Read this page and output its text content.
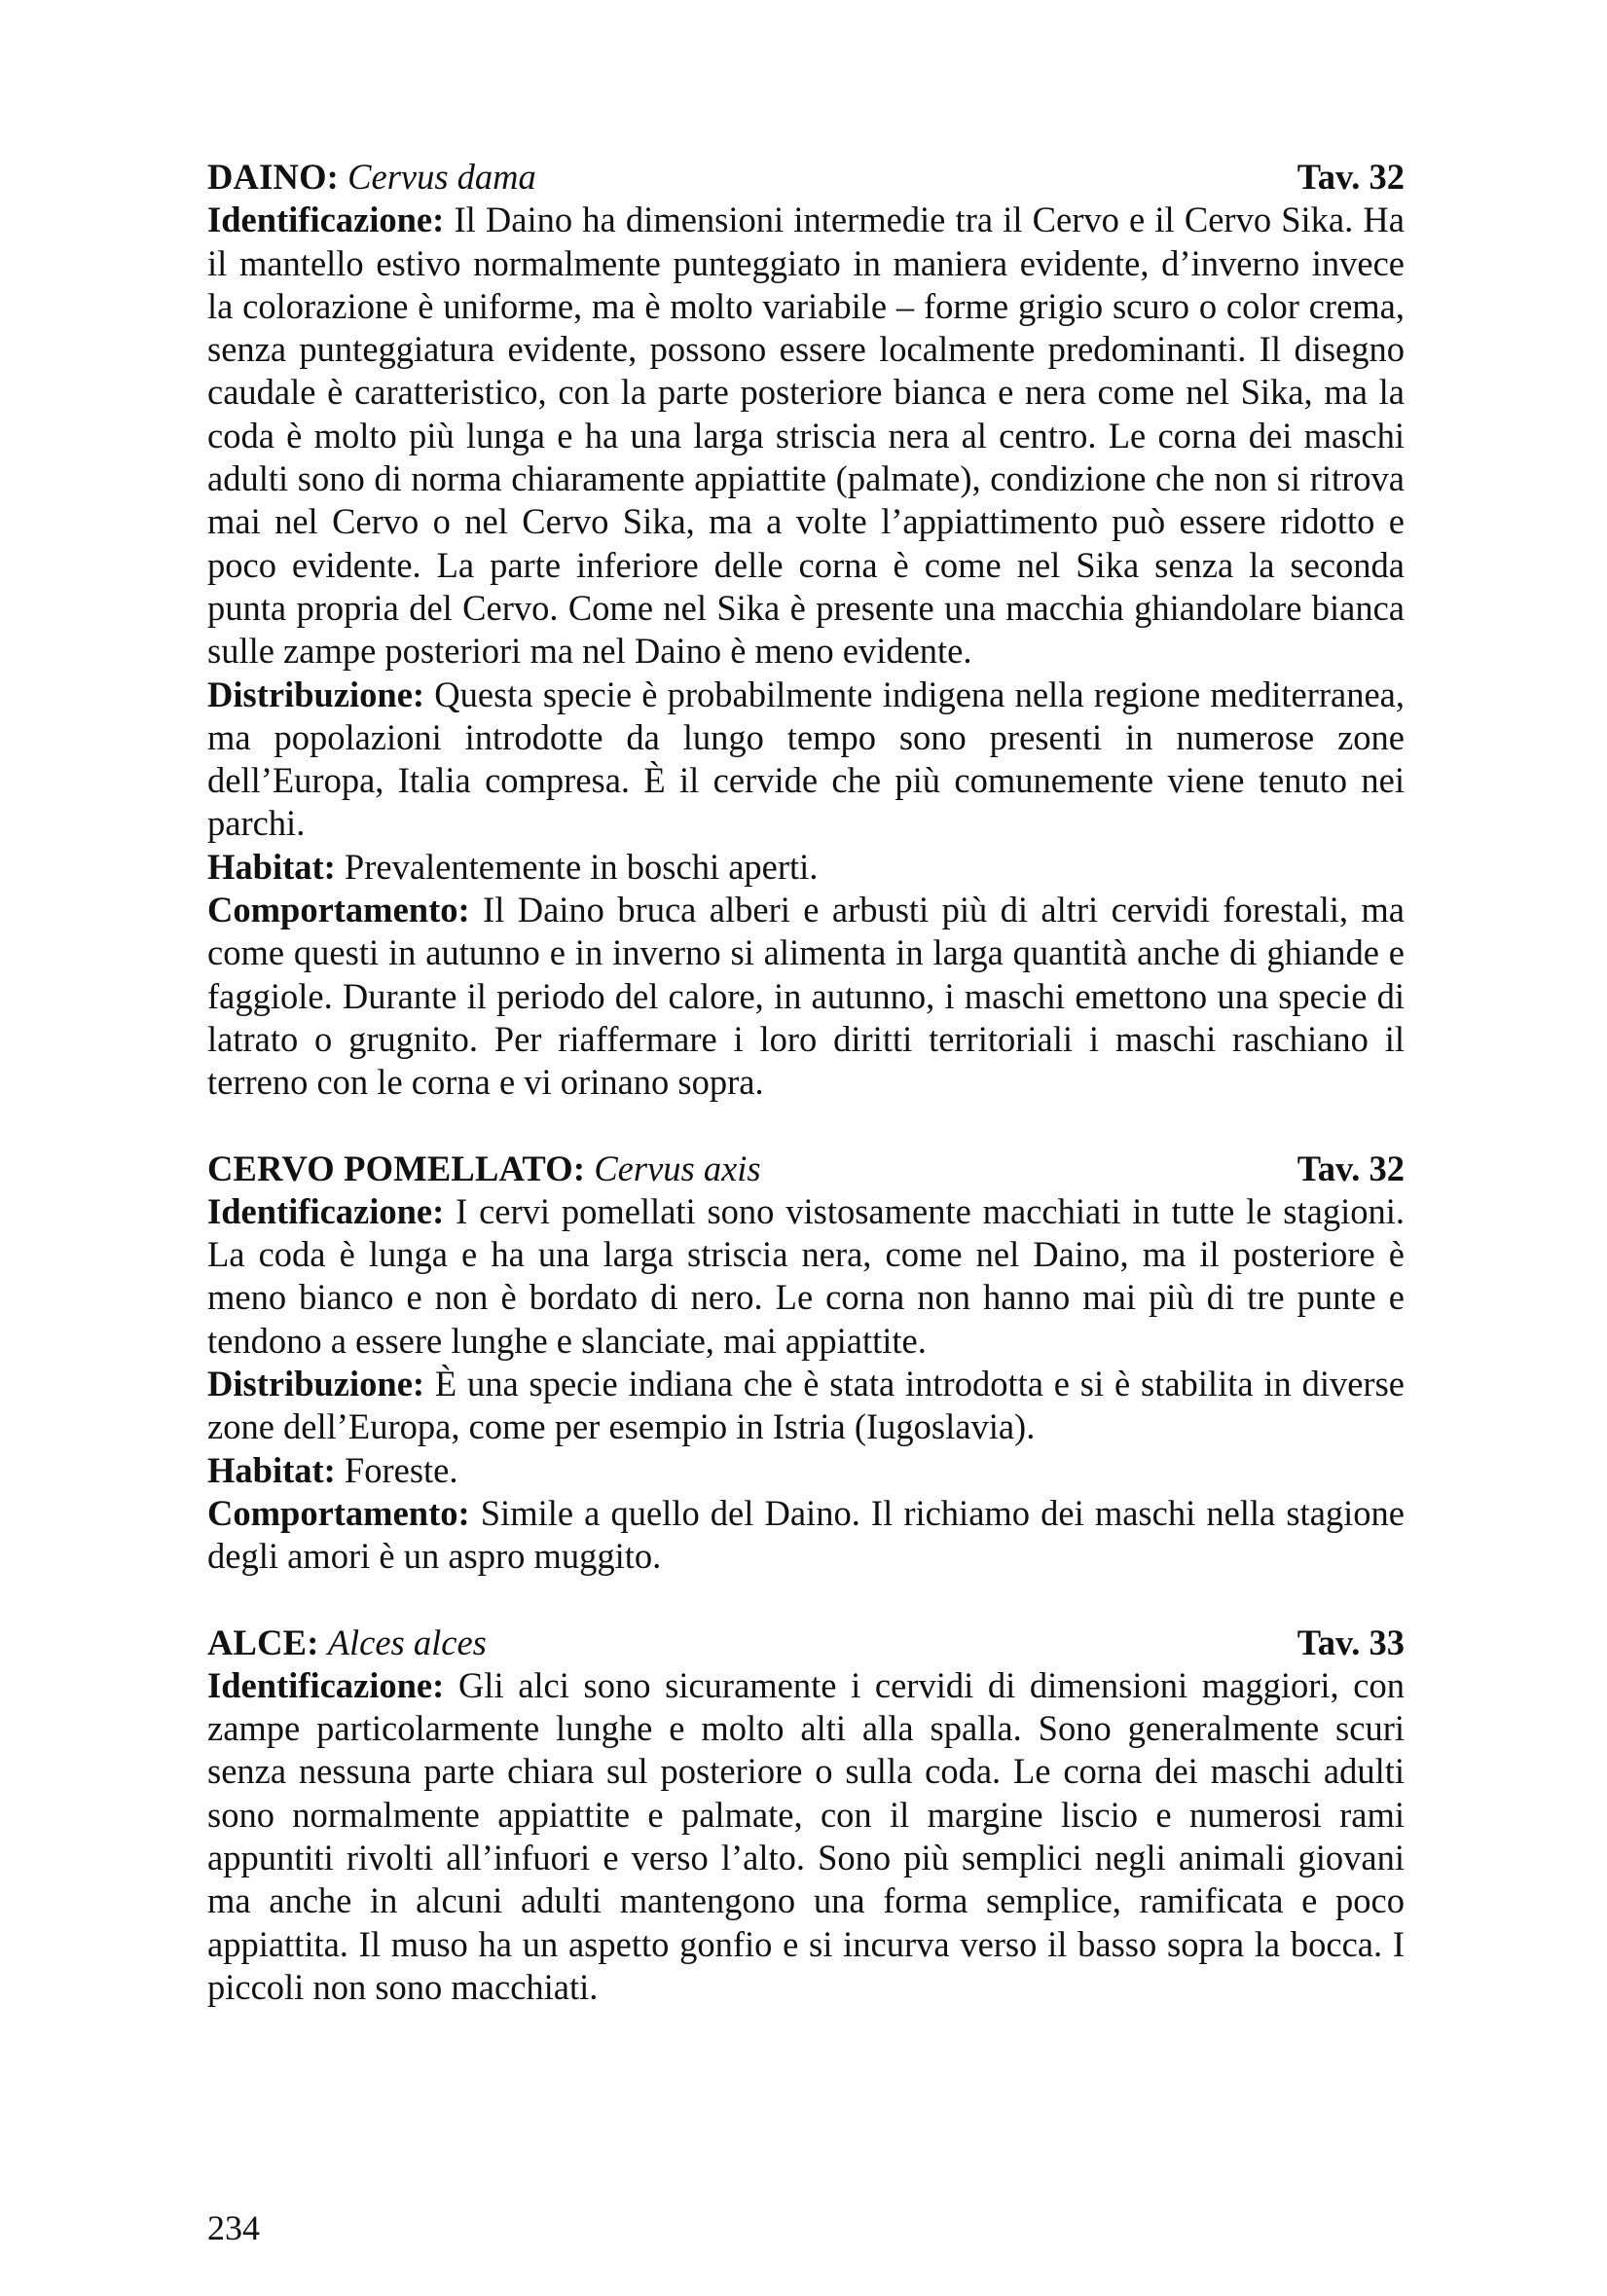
DAINO: Cervus dama	Tav. 32

Identificazione: Il Daino ha dimensioni intermedie tra il Cervo e il Cervo Sika. Ha il mantello estivo normalmente punteggiato in maniera evidente, d’inverno invece la colorazione è uniforme, ma è molto variabile – forme grigio scuro o color crema, senza punteggiatura evidente, possono essere localmente predominanti. Il disegno caudale è caratteristico, con la parte posteriore bianca e nera come nel Sika, ma la coda è molto più lunga e ha una larga striscia nera al centro. Le corna dei maschi adulti sono di norma chiaramente appiattite (palmate), condizione che non si ritrova mai nel Cervo o nel Cervo Sika, ma a volte l’appiattimento può essere ridotto e poco evidente. La parte inferiore delle corna è come nel Sika senza la seconda punta propria del Cervo. Come nel Sika è presente una macchia ghiandolare bianca sulle zampe posteriori ma nel Daino è meno evidente.

Distribuzione: Questa specie è probabilmente indigena nella regione mediterranea, ma popolazioni introdotte da lungo tempo sono presenti in numerose zone dell’Europa, Italia compresa. È il cervide che più comunemente viene tenuto nei parchi.

Habitat: Prevalentemente in boschi aperti.

Comportamento: Il Daino bruca alberi e arbusti più di altri cervidi forestali, ma come questi in autunno e in inverno si alimenta in larga quantità anche di ghiande e faggiole. Durante il periodo del calore, in autunno, i maschi emettono una specie di latrato o grugnito. Per riaffermare i loro diritti territoriali i maschi raschiano il terreno con le corna e vi orinano sopra.

CERVO POMELLATO: Cervus axis	Tav. 32

Identificazione: I cervi pomellati sono vistosamente macchiati in tutte le stagioni. La coda è lunga e ha una larga striscia nera, come nel Daino, ma il posteriore è meno bianco e non è bordato di nero. Le corna non hanno mai più di tre punte e tendono a essere lunghe e slanciate, mai appiattite.

Distribuzione: È una specie indiana che è stata introdotta e si è stabilita in diverse zone dell’Europa, come per esempio in Istria (Iugoslavia).

Habitat: Foreste.

Comportamento: Simile a quello del Daino. Il richiamo dei maschi nella stagione degli amori è un aspro muggito.

ALCE: Alces alces	Tav. 33

Identificazione: Gli alci sono sicuramente i cervidi di dimensioni maggiori, con zampe particolarmente lunghe e molto alti alla spalla. Sono generalmente scuri senza nessuna parte chiara sul posteriore o sulla coda. Le corna dei maschi adulti sono normalmente appiattite e palmate, con il margine liscio e numerosi rami appuntiti rivolti all’infuori e verso l’alto. Sono più semplici negli animali giovani ma anche in alcuni adulti mantengono una forma semplice, ramificata e poco appiattita. Il muso ha un aspetto gonfio e si incurva verso il basso sopra la bocca. I piccoli non sono macchiati.

234
